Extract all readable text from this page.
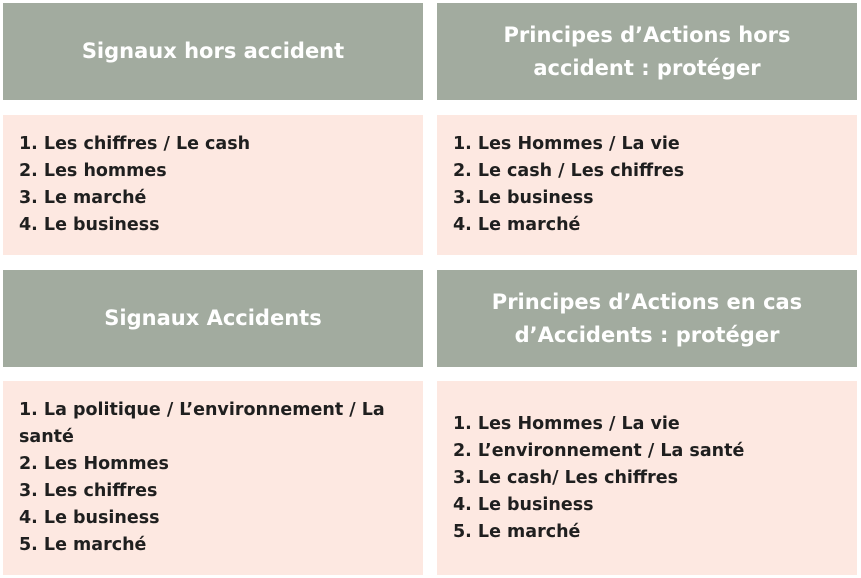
Signaux hors accident
Principes d’Actions hors accident : protéger
1. Les chiffres / Le cash
2. Les hommes
3. Le marché
4. Le business
1. Les Hommes / La vie
2. Le cash / Les chiffres
3. Le business
4. Le marché
Signaux Accidents
Principes d’Actions en cas d’Accidents : protéger
1. La politique / L’environnement / La santé
2. Les Hommes
3. Les chiffres
4. Le business
5. Le marché
1. Les Hommes / La vie
2. L’environnement / La santé
3. Le cash/ Les chiffres
4. Le business
5. Le marché
